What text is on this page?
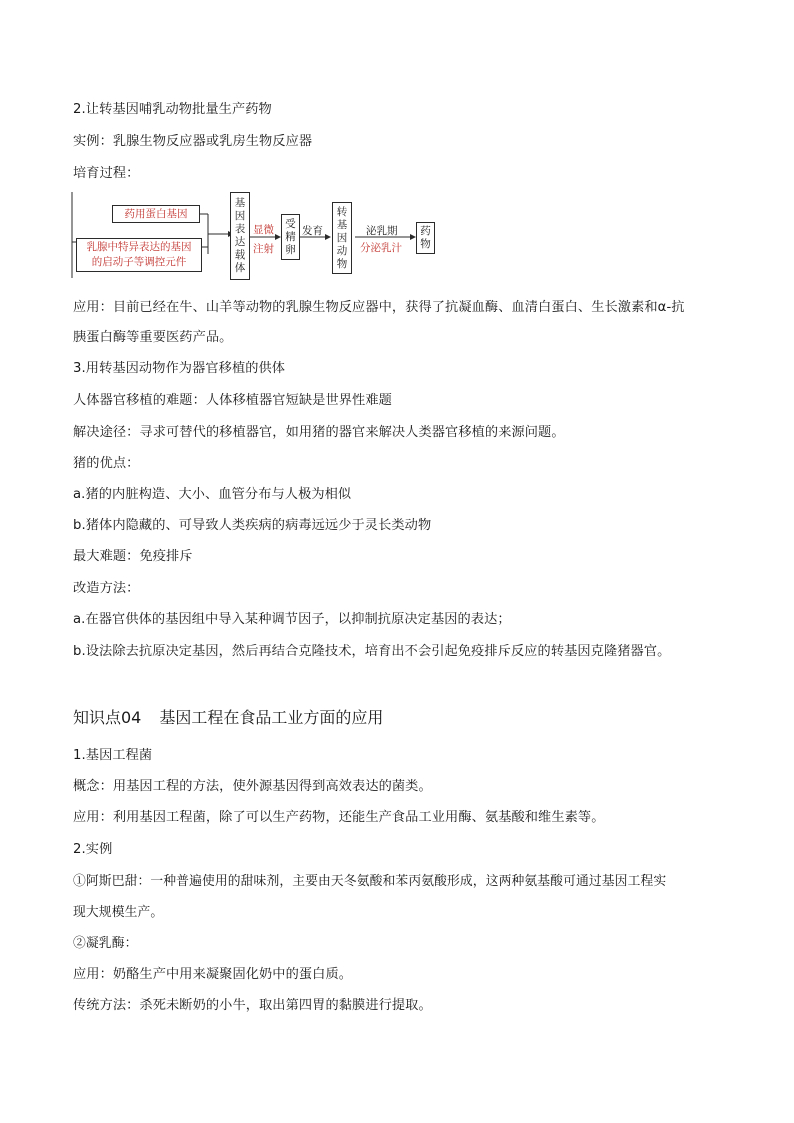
2.让转基因哺乳动物批量生产药物
实例：乳腺生物反应器或乳房生物反应器
培育过程：
药用蛋白基因
乳腺中特异表达的基因
的启动子等调控元件
基
因
表
达
载
体
显微
注射
受
精
卵
发育
转
基
因
动
物
泌乳期
分泌乳汁
药
物
应用：目前已经在牛、山羊等动物的乳腺生物反应器中，获得了抗凝血酶、血清白蛋白、生长激素和α-抗
胰蛋白酶等重要医药产品。
3.用转基因动物作为器官移植的供体
人体器官移植的难题：人体移植器官短缺是世界性难题
解决途径：寻求可替代的移植器官，如用猪的器官来解决人类器官移植的来源问题。
猪的优点：
a.猪的内脏构造、大小、血管分布与人极为相似
b.猪体内隐藏的、可导致人类疾病的病毒远远少于灵长类动物
最大难题：免疫排斥
改造方法：
a.在器官供体的基因组中导入某种调节因子，以抑制抗原决定基因的表达；
b.设法除去抗原决定基因，然后再结合克隆技术，培育出不会引起免疫排斥反应的转基因克隆猪器官。
知识点04 基因工程在食品工业方面的应用
1.基因工程菌
概念：用基因工程的方法，使外源基因得到高效表达的菌类。
应用：利用基因工程菌，除了可以生产药物，还能生产食品工业用酶、氨基酸和维生素等。
2.实例
①阿斯巴甜：一种普遍使用的甜味剂，主要由天冬氨酸和苯丙氨酸形成，这两种氨基酸可通过基因工程实
现大规模生产。
②凝乳酶：
应用：奶酪生产中用来凝聚固化奶中的蛋白质。
传统方法：杀死未断奶的小牛，取出第四胃的黏膜进行提取。
